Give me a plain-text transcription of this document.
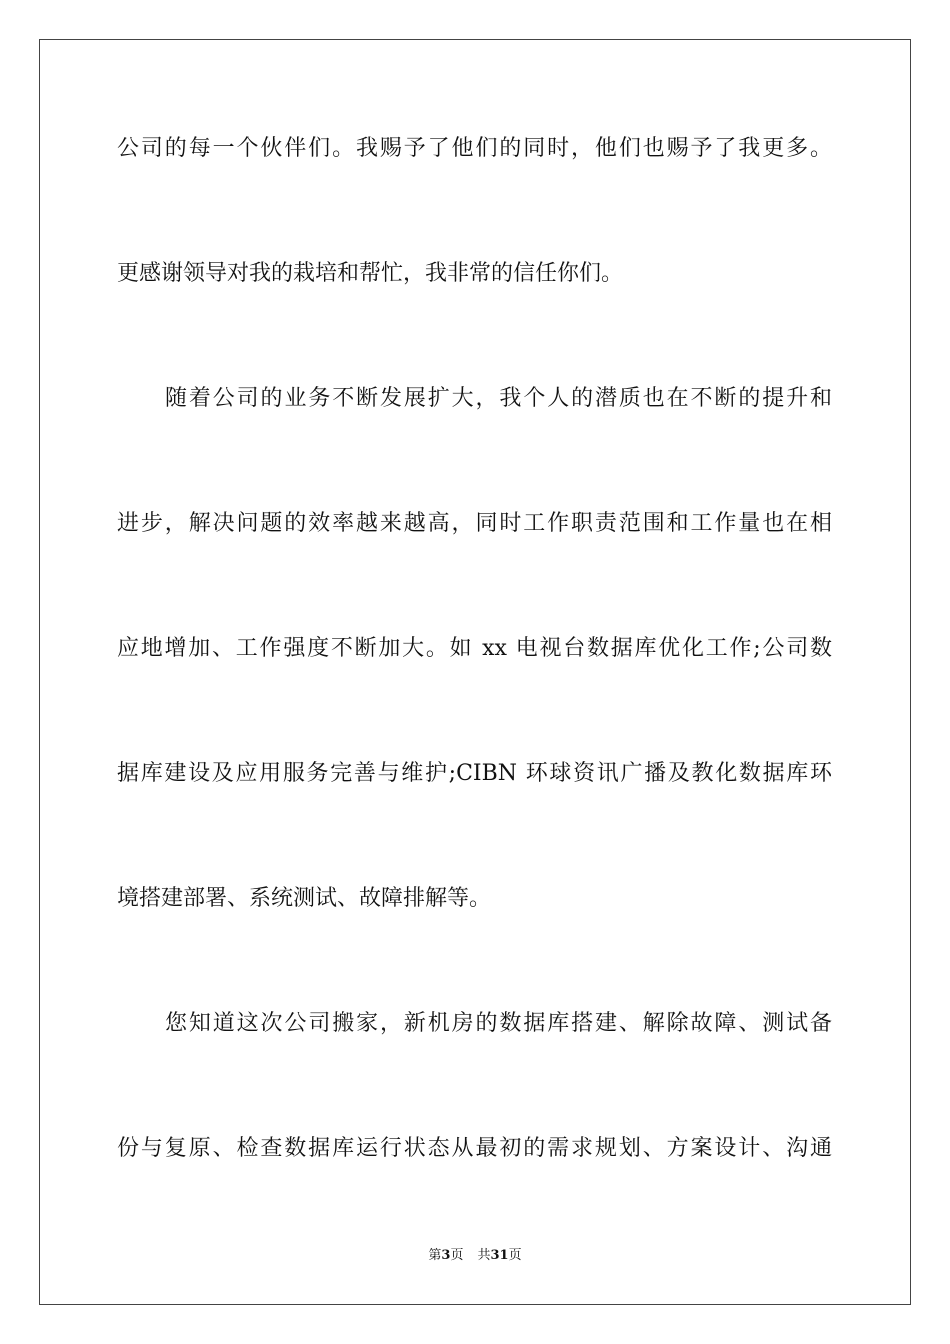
公司的每一个伙伴们。我赐予了他们的同时，他们也赐予了我更多。
更感谢领导对我的栽培和帮忙，我非常的信任你们。
随着公司的业务不断发展扩大，我个人的潜质也在不断的提升和
进步，解决问题的效率越来越高，同时工作职责范围和工作量也在相
应地增加、工作强度不断加大。如 xx 电视台数据库优化工作;公司数
据库建设及应用服务完善与维护;CIBN 环球资讯广播及教化数据库环
境搭建部署、系统测试、故障排解等。
您知道这次公司搬家，新机房的数据库搭建、解除故障、测试备
份与复原、检查数据库运行状态从最初的需求规划、方案设计、沟通
第3页 共31页
